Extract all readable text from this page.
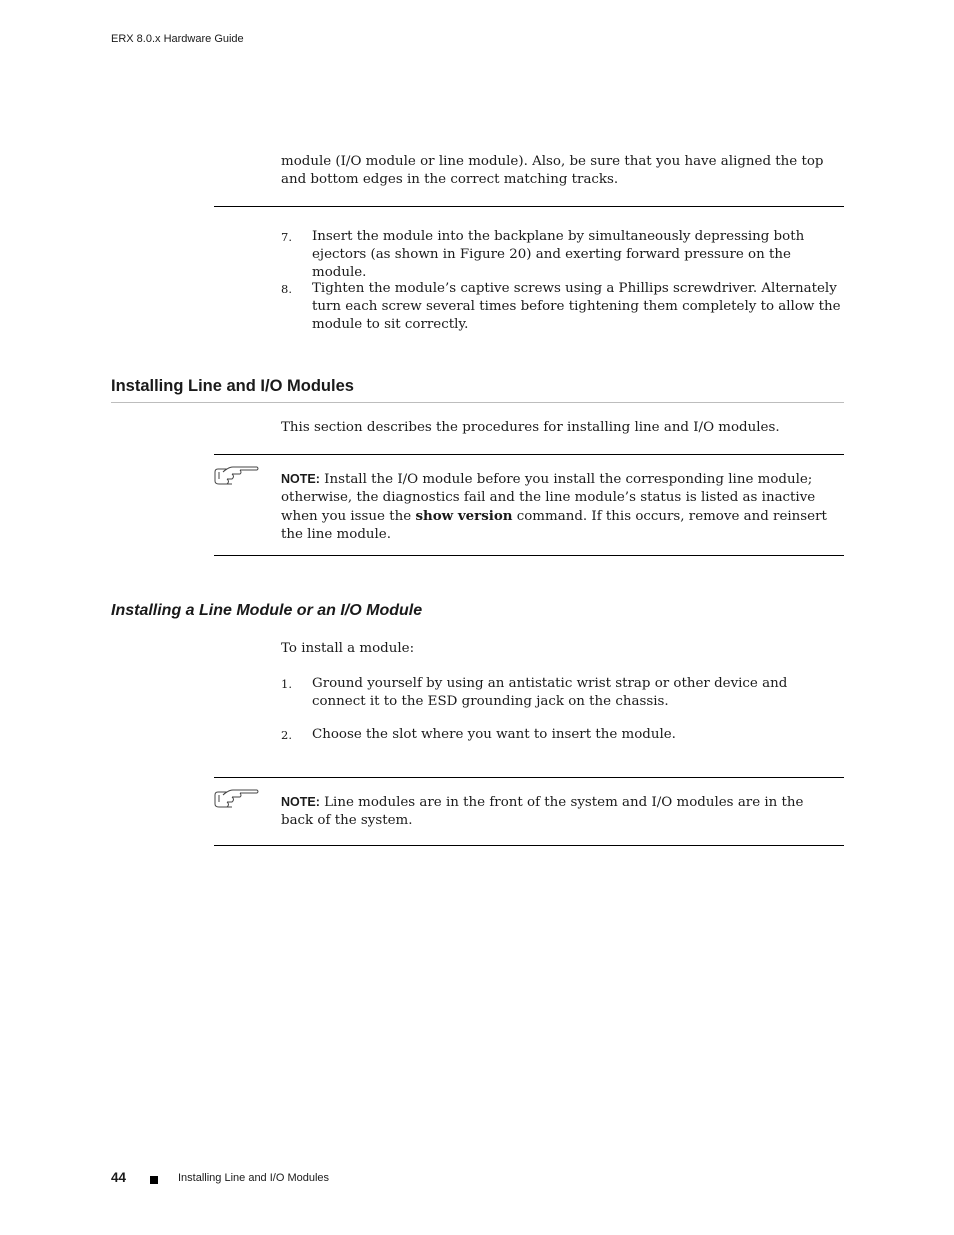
ERX 8.0.x Hardware Guide
module (I/O module or line module). Also, be sure that you have aligned the top and bottom edges in the correct matching tracks.
7. Insert the module into the backplane by simultaneously depressing both ejectors (as shown in Figure 20) and exerting forward pressure on the module.
8. Tighten the module’s captive screws using a Phillips screwdriver. Alternately turn each screw several times before tightening them completely to allow the module to sit correctly.
Installing Line and I/O Modules
This section describes the procedures for installing line and I/O modules.
NOTE: Install the I/O module before you install the corresponding line module; otherwise, the diagnostics fail and the line module’s status is listed as inactive when you issue the show version command. If this occurs, remove and reinsert the line module.
Installing a Line Module or an I/O Module
To install a module:
1. Ground yourself by using an antistatic wrist strap or other device and connect it to the ESD grounding jack on the chassis.
2. Choose the slot where you want to insert the module.
NOTE: Line modules are in the front of the system and I/O modules are in the back of the system.
44	Installing Line and I/O Modules
